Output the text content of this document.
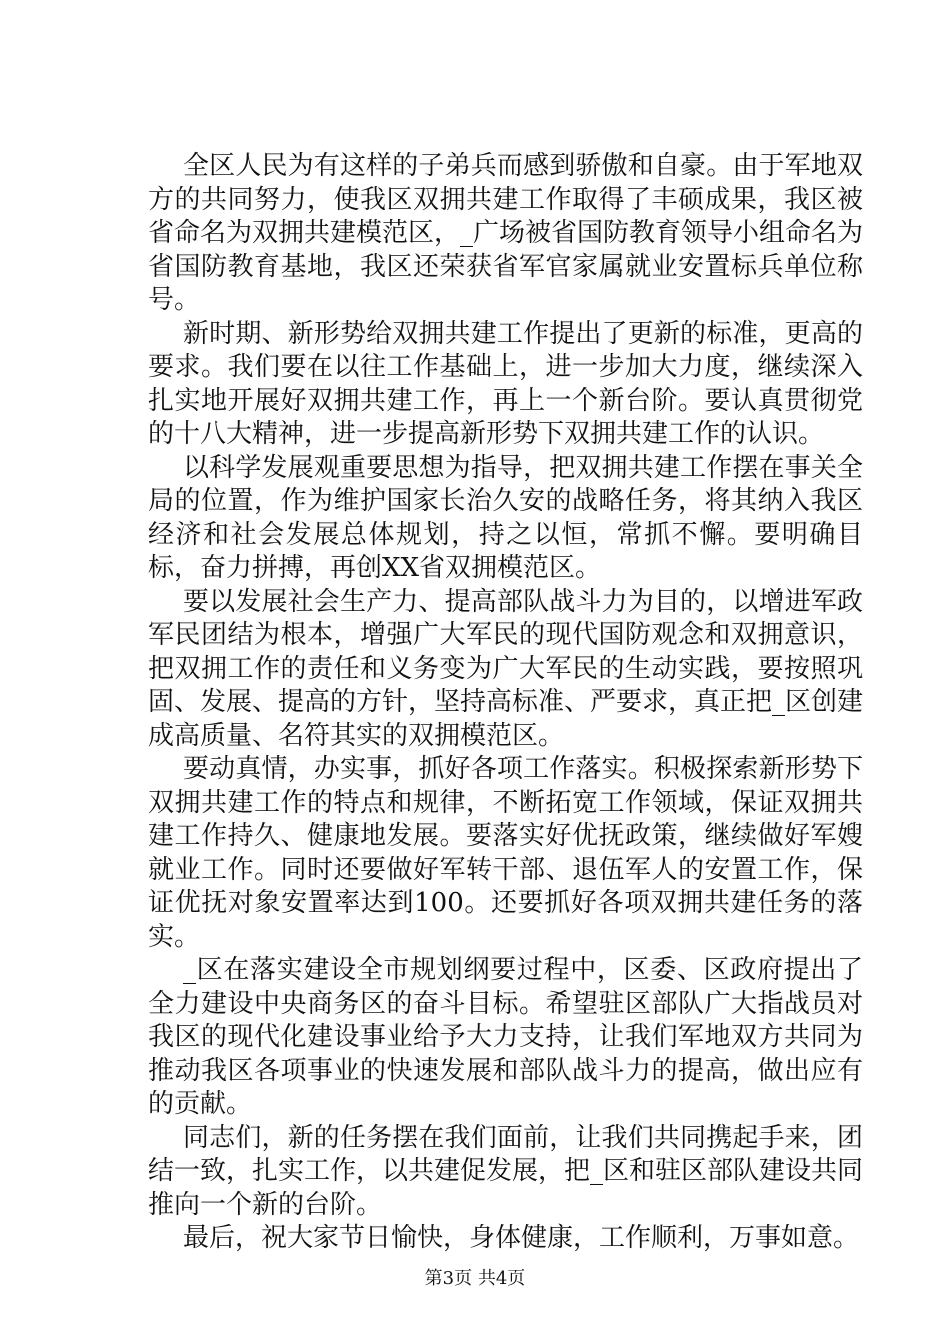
全区人民为有这样的子弟兵而感到骄傲和自豪。由于军地双方的共同努力，使我区双拥共建工作取得了丰硕成果，我区被省命名为双拥共建模范区，_广场被省国防教育领导小组命名为省国防教育基地，我区还荣获省军官家属就业安置标兵单位称号。

新时期、新形势给双拥共建工作提出了更新的标准，更高的要求。我们要在以往工作基础上，进一步加大力度，继续深入扎实地开展好双拥共建工作，再上一个新台阶。要认真贯彻党的十八大精神，进一步提高新形势下双拥共建工作的认识。

以科学发展观重要思想为指导，把双拥共建工作摆在事关全局的位置，作为维护国家长治久安的战略任务，将其纳入我区经济和社会发展总体规划，持之以恒，常抓不懈。要明确目标，奋力拼搏，再创XX省双拥模范区。

要以发展社会生产力、提高部队战斗力为目的，以增进军政军民团结为根本，增强广大军民的现代国防观念和双拥意识，把双拥工作的责任和义务变为广大军民的生动实践，要按照巩固、发展、提高的方针，坚持高标准、严要求，真正把_区创建成高质量、名符其实的双拥模范区。

要动真情，办实事，抓好各项工作落实。积极探索新形势下双拥共建工作的特点和规律，不断拓宽工作领域，保证双拥共建工作持久、健康地发展。要落实好优抚政策，继续做好军嫂就业工作。同时还要做好军转干部、退伍军人的安置工作，保证优抚对象安置率达到100。还要抓好各项双拥共建任务的落实。

_区在落实建设全市规划纲要过程中，区委、区政府提出了全力建设中央商务区的奋斗目标。希望驻区部队广大指战员对我区的现代化建设事业给予大力支持，让我们军地双方共同为推动我区各项事业的快速发展和部队战斗力的提高，做出应有的贡献。

同志们，新的任务摆在我们面前，让我们共同携起手来，团结一致，扎实工作，以共建促发展，把_区和驻区部队建设共同推向一个新的台阶。

最后，祝大家节日愉快，身体健康，工作顺利，万事如意。

第3页 共4页
